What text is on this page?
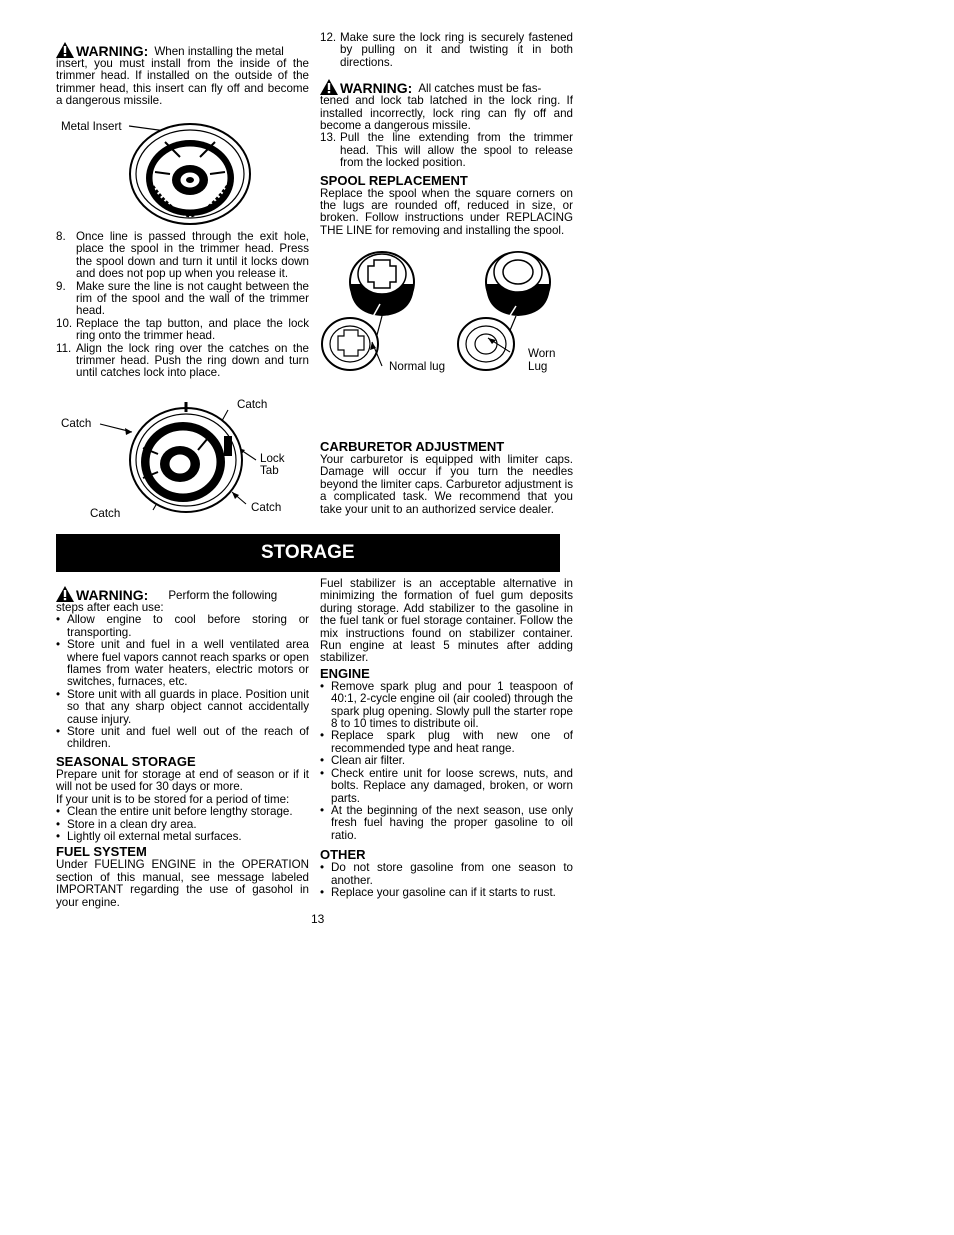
WARNING: When installing the metal

insert, you must install from the inside of the trimmer head. If installed on the outside of the trimmer head, this insert can fly off and become a dangerous missile.

Metal Insert
8. Once line is passed through the exit hole, place the spool in the trimmer head. Press the spool down and turn it until it locks down and does not pop up when you release it.
9. Make sure the line is not caught between the rim of the spool and the wall of the trimmer head.
10. Replace the tap button, and place the lock ring onto the trimmer head.
11. Align the lock ring over the catches on the trimmer head. Push the ring down and turn until catches lock into place.
Catch
Catch
Lock
Tab
Catch	Catch
12. Make sure the lock ring is securely fastened by pulling on it and twisting it in both directions.
WARNING: All catches must be fas-

tened and lock tab latched in the lock ring. If installed incorrectly, lock ring can fly off and become a dangerous missile.

13. Pull the line extending from the trimmer head. This will allow the spool to release from the locked position.
SPOOL REPLACEMENT

Replace the spool when the square corners on the lugs are rounded off, reduced in size, or broken. Follow instructions under REPLACING THE LINE for removing and installing the spool.

Normal lug
Worn
Lug
CARBURETOR ADJUSTMENT

Your carburetor is equipped with limiter caps. Damage will occur if you turn the needles beyond the limiter caps. Carburetor adjustment is a complicated task. We recommend that you take your unit to an authorized service dealer.

STORAGE
WARNING: Perform the following

steps after each use:

• Allow engine to cool before storing or transporting.
• Store unit and fuel in a well ventilated area where fuel vapors cannot reach sparks or open flames from water heaters, electric motors or switches, furnaces, etc.
• Store unit with all guards in place. Position unit so that any sharp object cannot accidentally cause injury.
• Store unit and fuel well out of the reach of children.
SEASONAL STORAGE

Prepare unit for storage at end of season or if it will not be used for 30 days or more.

If your unit is to be stored for a period of time:

• Clean the entire unit before lengthy storage.
• Store in a clean dry area.
• Lightly oil external metal surfaces.
FUEL SYSTEM

Under FUELING ENGINE in the OPERATION section of this manual, see message labeled IMPORTANT regarding the use of gasohol in your engine.

Fuel stabilizer is an acceptable alternative in minimizing the formation of fuel gum deposits during storage. Add stabilizer to the gasoline in the fuel tank or fuel storage container. Follow the mix instructions found on stabilizer container. Run engine at least 5 minutes after adding stabilizer.

ENGINE
• Remove spark plug and pour 1 teaspoon of 40:1, 2-cycle engine oil (air cooled) through the spark plug opening. Slowly pull the starter rope 8 to 10 times to distribute oil.
• Replace spark plug with new one of recommended type and heat range.
• Clean air filter.
• Check entire unit for loose screws, nuts, and bolts. Replace any damaged, broken, or worn parts.
• At the beginning of the next season, use only fresh fuel having the proper gasoline to oil ratio.
OTHER
• Do not store gasoline from one season to another.
• Replace your gasoline can if it starts to rust.
13
